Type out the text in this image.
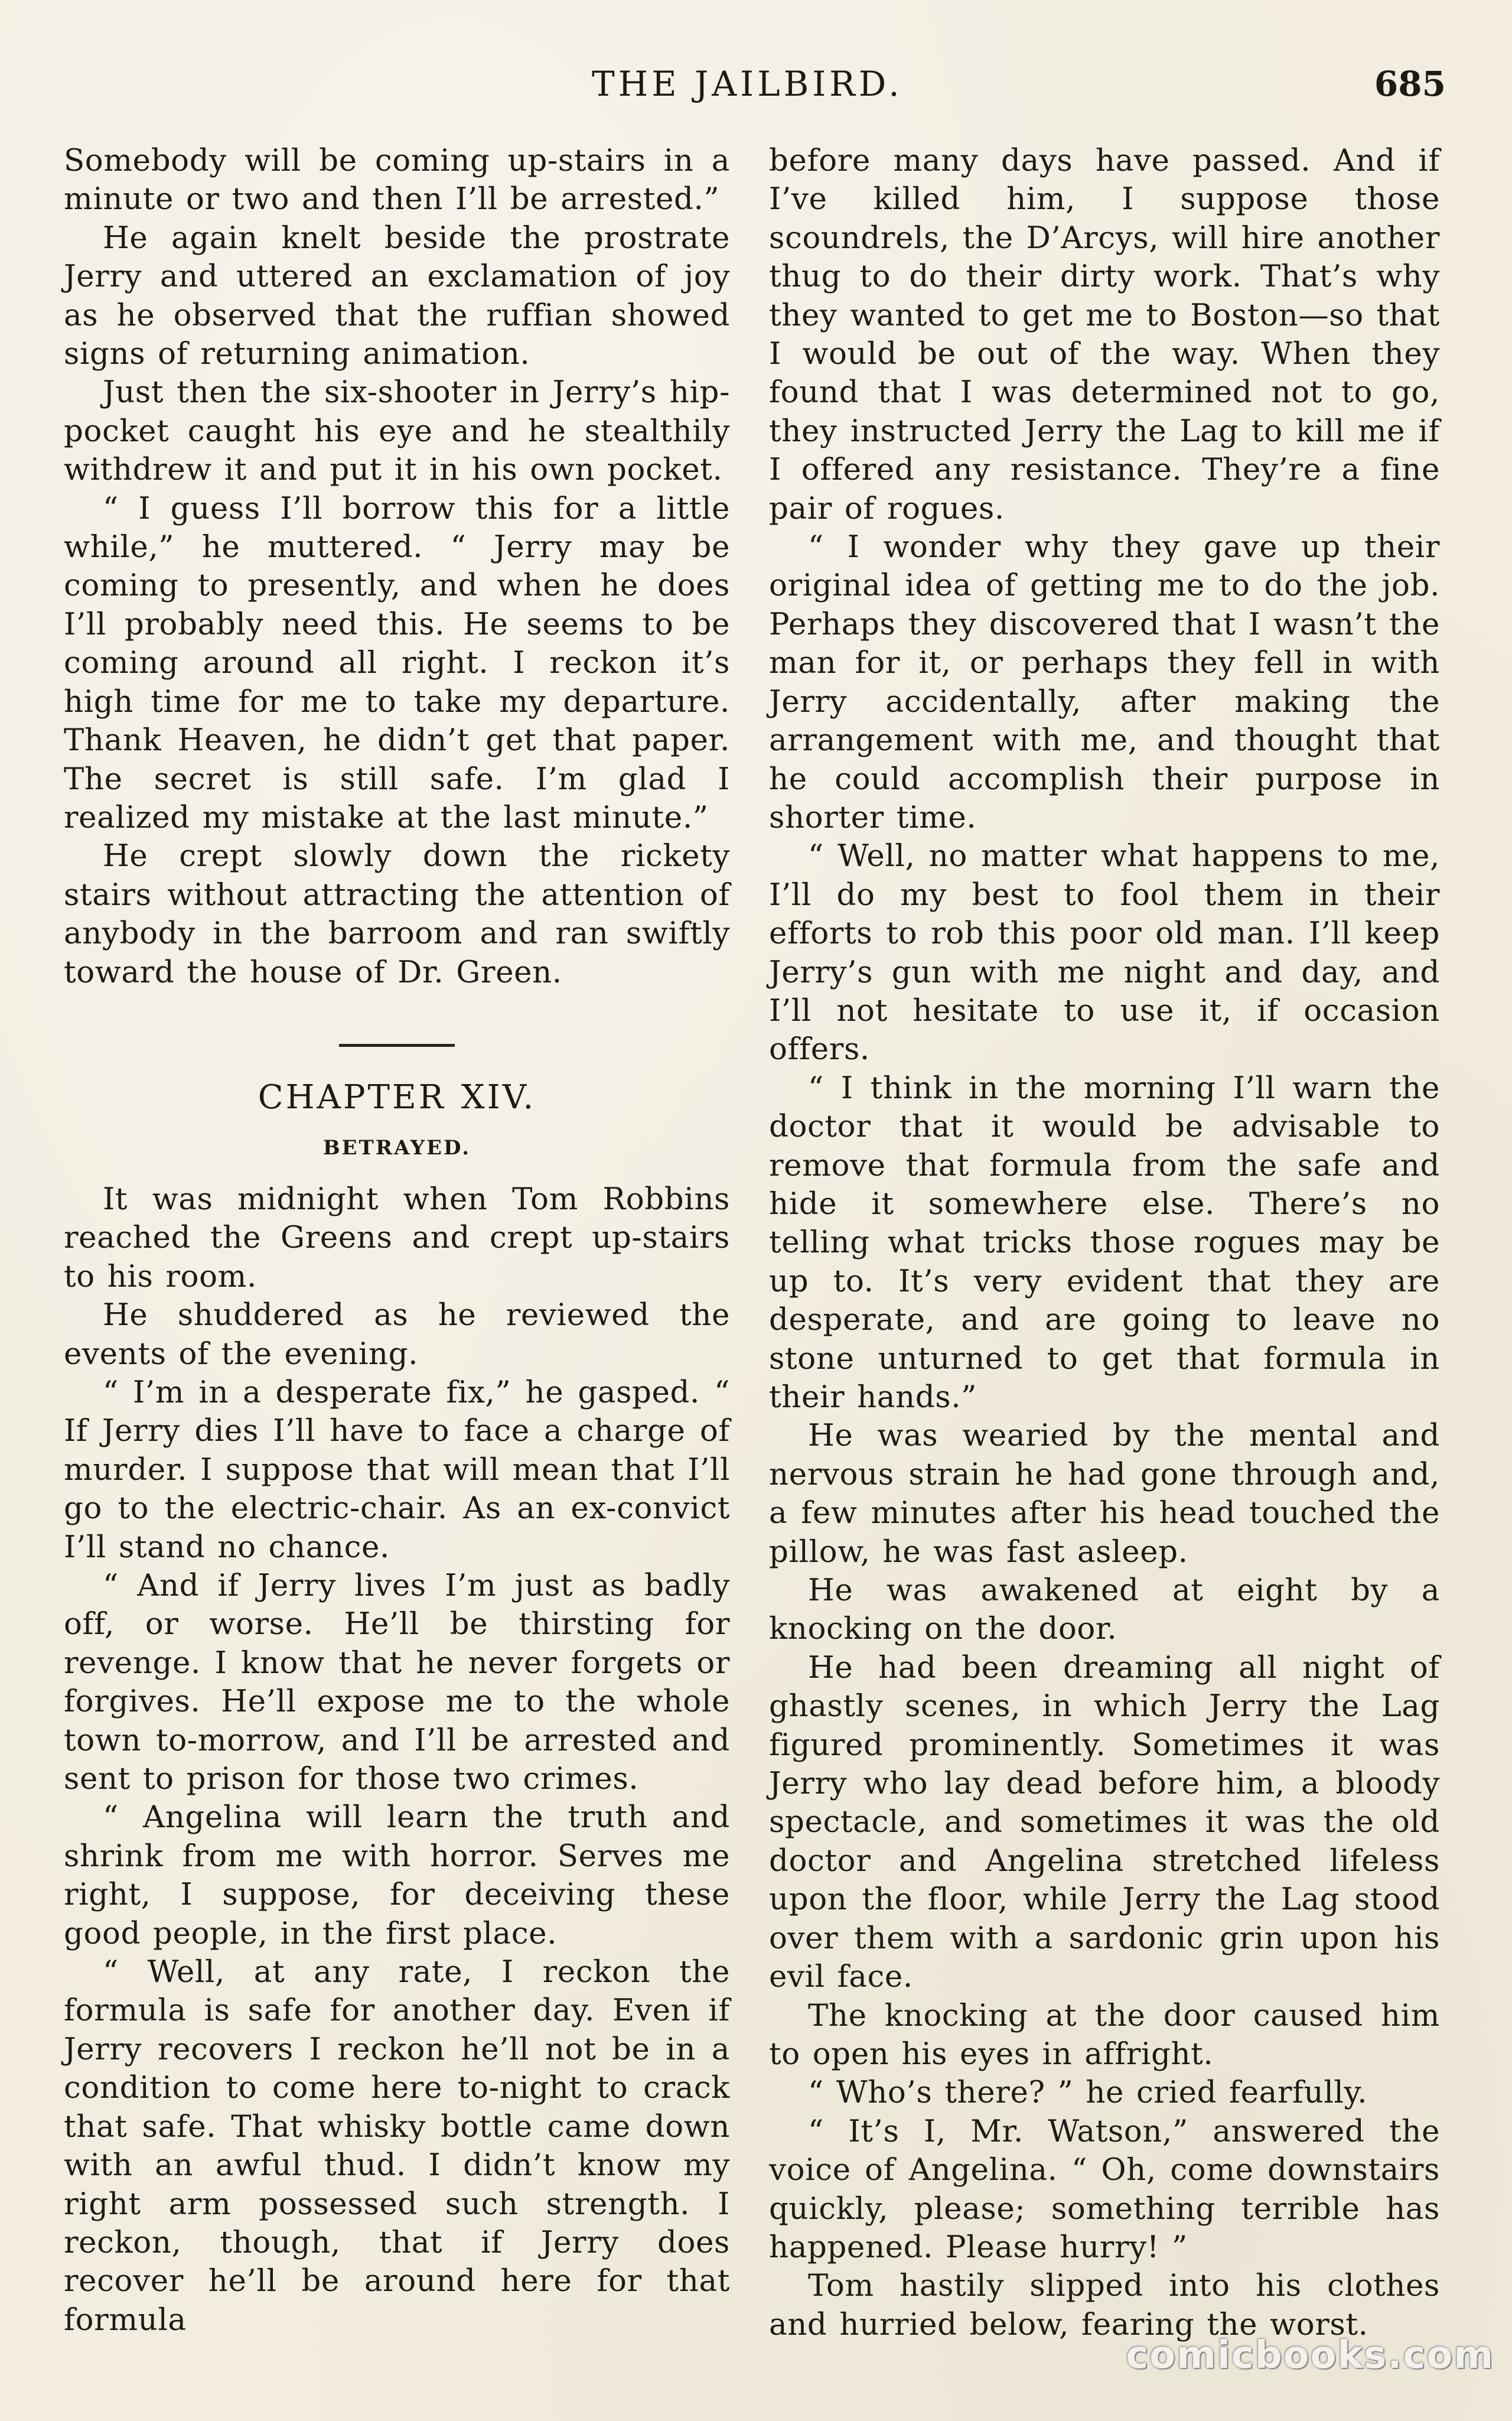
THE JAILBIRD.	685

Somebody will be coming up-stairs in a minute or two and then I’ll be arrested.”

He again knelt beside the prostrate Jerry and uttered an exclamation of joy as he observed that the ruffian showed signs of returning animation.

Just then the six-shooter in Jerry’s hip-pocket caught his eye and he stealthily withdrew it and put it in his own pocket.

“ I guess I’ll borrow this for a little while,” he muttered. “ Jerry may be coming to presently, and when he does I’ll probably need this. He seems to be coming around all right. I reckon it’s high time for me to take my departure. Thank Heaven, he didn’t get that paper. The secret is still safe. I’m glad I realized my mistake at the last minute.”

He crept slowly down the rickety stairs without attracting the attention of anybody in the barroom and ran swiftly toward the house of Dr. Green.

CHAPTER XIV.
BETRAYED.

It was midnight when Tom Robbins reached the Greens and crept up-stairs to his room.

He shuddered as he reviewed the events of the evening.

“ I’m in a desperate fix,” he gasped. “ If Jerry dies I’ll have to face a charge of murder. I suppose that will mean that I’ll go to the electric-chair. As an ex-convict I’ll stand no chance.

“ And if Jerry lives I’m just as badly off, or worse. He’ll be thirsting for revenge. I know that he never forgets or forgives. He’ll expose me to the whole town to-morrow, and I’ll be arrested and sent to prison for those two crimes.

“ Angelina will learn the truth and shrink from me with horror. Serves me right, I suppose, for deceiving these good people, in the first place.

“ Well, at any rate, I reckon the formula is safe for another day. Even if Jerry recovers I reckon he’ll not be in a condition to come here to-night to crack that safe. That whisky bottle came down with an awful thud. I didn’t know my right arm possessed such strength. I reckon, though, that if Jerry does recover he’ll be around here for that formula

before many days have passed. And if I’ve killed him, I suppose those scoundrels, the D’Arcys, will hire another thug to do their dirty work. That’s why they wanted to get me to Boston—so that I would be out of the way. When they found that I was determined not to go, they instructed Jerry the Lag to kill me if I offered any resistance. They’re a fine pair of rogues.

“ I wonder why they gave up their original idea of getting me to do the job. Perhaps they discovered that I wasn’t the man for it, or perhaps they fell in with Jerry accidentally, after making the arrangement with me, and thought that he could accomplish their purpose in shorter time.

“ Well, no matter what happens to me, I’ll do my best to fool them in their efforts to rob this poor old man. I’ll keep Jerry’s gun with me night and day, and I’ll not hesitate to use it, if occasion offers.

“ I think in the morning I’ll warn the doctor that it would be advisable to remove that formula from the safe and hide it somewhere else. There’s no telling what tricks those rogues may be up to. It’s very evident that they are desperate, and are going to leave no stone unturned to get that formula in their hands.”

He was wearied by the mental and nervous strain he had gone through and, a few minutes after his head touched the pillow, he was fast asleep.

He was awakened at eight by a knocking on the door.

He had been dreaming all night of ghastly scenes, in which Jerry the Lag figured prominently. Sometimes it was Jerry who lay dead before him, a bloody spectacle, and sometimes it was the old doctor and Angelina stretched lifeless upon the floor, while Jerry the Lag stood over them with a sardonic grin upon his evil face.

The knocking at the door caused him to open his eyes in affright.

“ Who’s there? ” he cried fearfully.

“ It’s I, Mr. Watson,” answered the voice of Angelina. “ Oh, come downstairs quickly, please; something terrible has happened. Please hurry! ”

Tom hastily slipped into his clothes and hurried below, fearing the worst.

comicbooks.com
